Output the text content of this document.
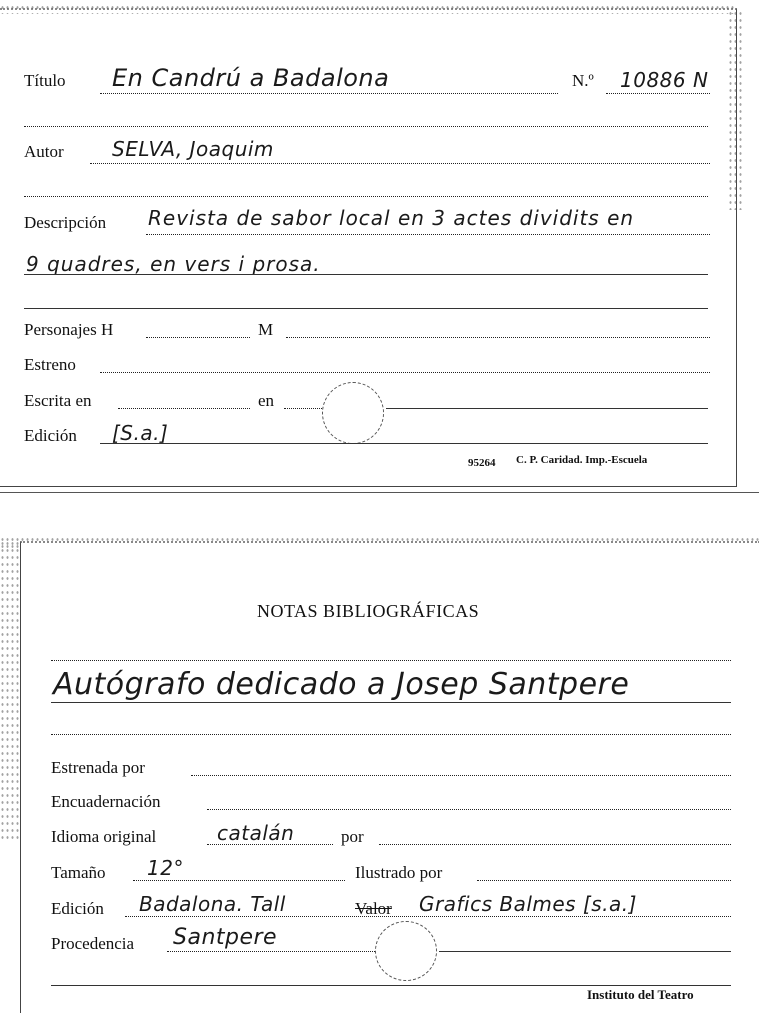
Título En Candrú a Badalona	N.º 10886 N
Autor SELVA, Joaquim
Descripción Revista de sabor local en 3 actes dividits en
9 quadres, en vers i prosa.
Personajes H	M
Estreno
Escrita en	en
Edición [S.a.]
95264 C. P. Caridad. Imp.-Escuela
NOTAS BIBLIOGRÁFICAS
Autógrafo dedicado a Josep Santpere
Estrenada por
Encuadernación
Idioma original	catalán	por
Tamaño 12°	Ilustrado por
Edición Badalona. Tall	Valor Grafics Balmes [s.a.]
Procedencia Santpere
Instituto del Teatro
